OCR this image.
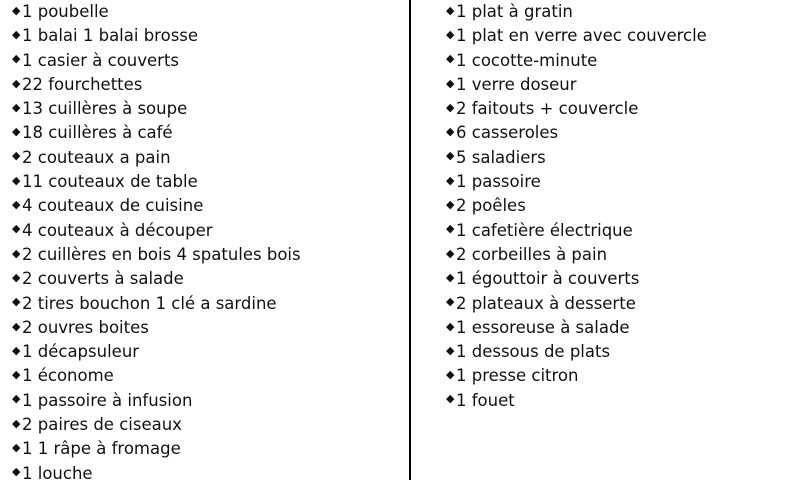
◆ 1 poubelle
◆ 1 balai 1 balai brosse
◆ 1 casier à couverts
◆ 22 fourchettes
◆ 13 cuillères à soupe
◆ 18 cuillères à café
◆ 2 couteaux a pain
◆ 11 couteaux de table
◆ 4 couteaux de cuisine
◆ 4 couteaux à découper
◆ 2 cuillères en bois 4 spatules bois
◆ 2 couverts à salade
◆ 2 tires bouchon 1 clé a sardine
◆ 2 ouvres boites
◆ 1 décapsuleur
◆ 1 économe
◆ 1 passoire à infusion
◆ 2 paires de ciseaux
◆ 1 1 râpe à fromage
◆ 1 louche
◆ 1 plat à gratin
◆ 1 plat en verre avec couvercle
◆ 1 cocotte-minute
◆ 1 verre doseur
◆ 2 faitouts + couvercle
◆ 6 casseroles
◆ 5 saladiers
◆ 1 passoire
◆ 2 poêles
◆ 1 cafetière électrique
◆ 2 corbeilles à pain
◆ 1 égouttoir à couverts
◆ 2 plateaux à desserte
◆ 1 essoreuse à salade
◆ 1 dessous de plats
◆ 1 presse citron
◆ 1 fouet
